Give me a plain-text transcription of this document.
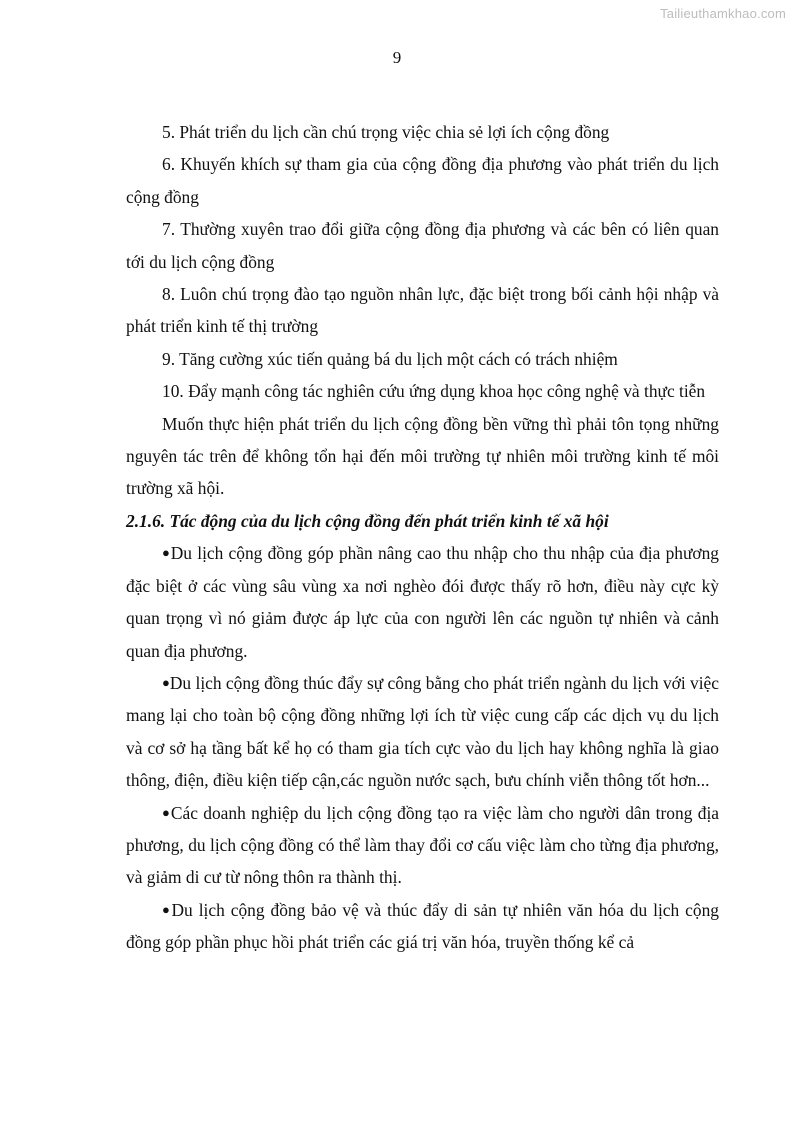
Tailieuthamkhao.com
9

5. Phát triển du lịch cần chú trọng việc chia sẻ lợi ích cộng đồng

6. Khuyến khích sự tham gia của cộng đồng địa phương vào phát triển du lịch cộng đồng

7. Thường xuyên trao đổi giữa cộng đồng địa phương và các bên có liên quan tới du lịch cộng đồng

8. Luôn chú trọng đào tạo nguồn nhân lực, đặc biệt trong bối cảnh hội nhập và phát triển kinh tế thị trường

9. Tăng cường xúc tiến quảng bá du lịch một cách có trách nhiệm

10. Đẩy mạnh công tác nghiên cứu ứng dụng khoa học công nghệ và thực tiễn

Muốn thực hiện phát triển du lịch cộng đồng bền vững thì phải tôn tọng những nguyên tác trên để không tổn hại đến môi trường tự nhiên môi trường kinh tế môi trường xã hội.

2.1.6. Tác động của du lịch cộng đồng đến phát triển kinh tế xã hội

●Du lịch cộng đồng góp phần nâng cao thu nhập cho thu nhập của địa phương đặc biệt ở các vùng sâu vùng xa nơi nghèo đói được thấy rõ hơn, điều này cực kỳ quan trọng vì nó giảm được áp lực của con người lên các nguồn tự nhiên và cảnh quan địa phương.

●Du lịch cộng đồng thúc đẩy sự công bằng cho phát triển ngành du lịch với việc mang lại cho toàn bộ cộng đồng những lợi ích từ việc cung cấp các dịch vụ du lịch và cơ sở hạ tầng bất kể họ có tham gia tích cực vào du lịch hay không nghĩa là giao thông, điện, điều kiện tiếp cận,các nguồn nước sạch, bưu chính viễn thông tốt hơn...

●Các doanh nghiệp du lịch cộng đồng tạo ra việc làm cho người dân trong địa phương, du lịch cộng đồng có thể làm thay đổi cơ cấu việc làm cho từng địa phương, và giảm di cư từ nông thôn ra thành thị.

●Du lịch cộng đồng bảo vệ và thúc đẩy di sản tự nhiên văn hóa du lịch cộng đồng góp phần phục hồi phát triển các giá trị văn hóa, truyền thống kể cả
